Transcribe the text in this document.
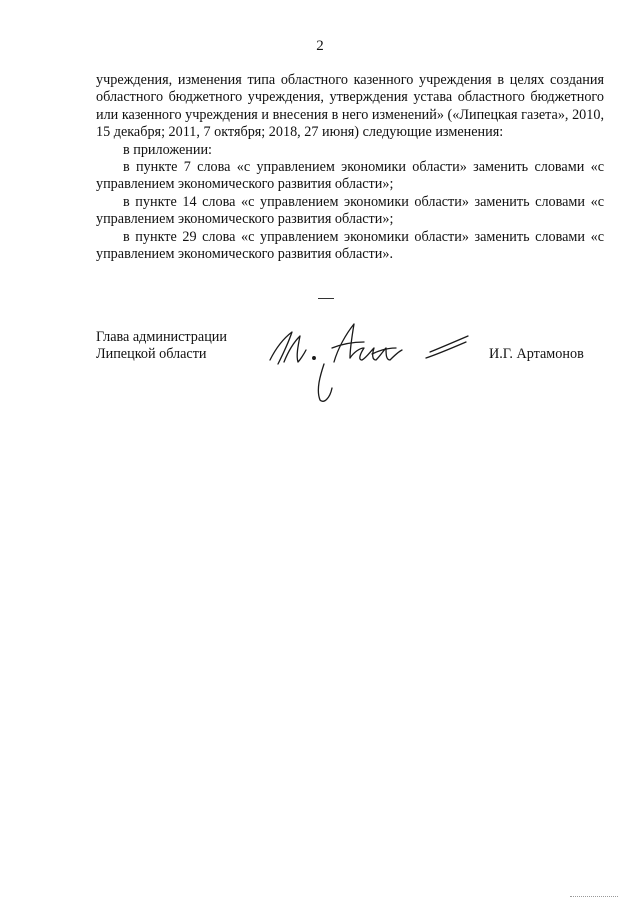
2

учреждения, изменения типа областного казенного учреждения в целях создания областного бюджетного учреждения, утверждения устава областного бюджетного или казенного учреждения и внесения в него изменений» («Липецкая газета», 2010, 15 декабря; 2011, 7 октября; 2018, 27 июня) следующие изменения:

в приложении:

в пункте 7 слова «с управлением экономики области» заменить словами «с управлением экономического развития области»;

в пункте 14 слова «с управлением экономики области» заменить словами «с управлением экономического развития области»;

в пункте 29 слова «с управлением экономики области» заменить словами «с управлением экономического развития области».

Глава администрации
Липецкой области	И.Г. Артамонов
